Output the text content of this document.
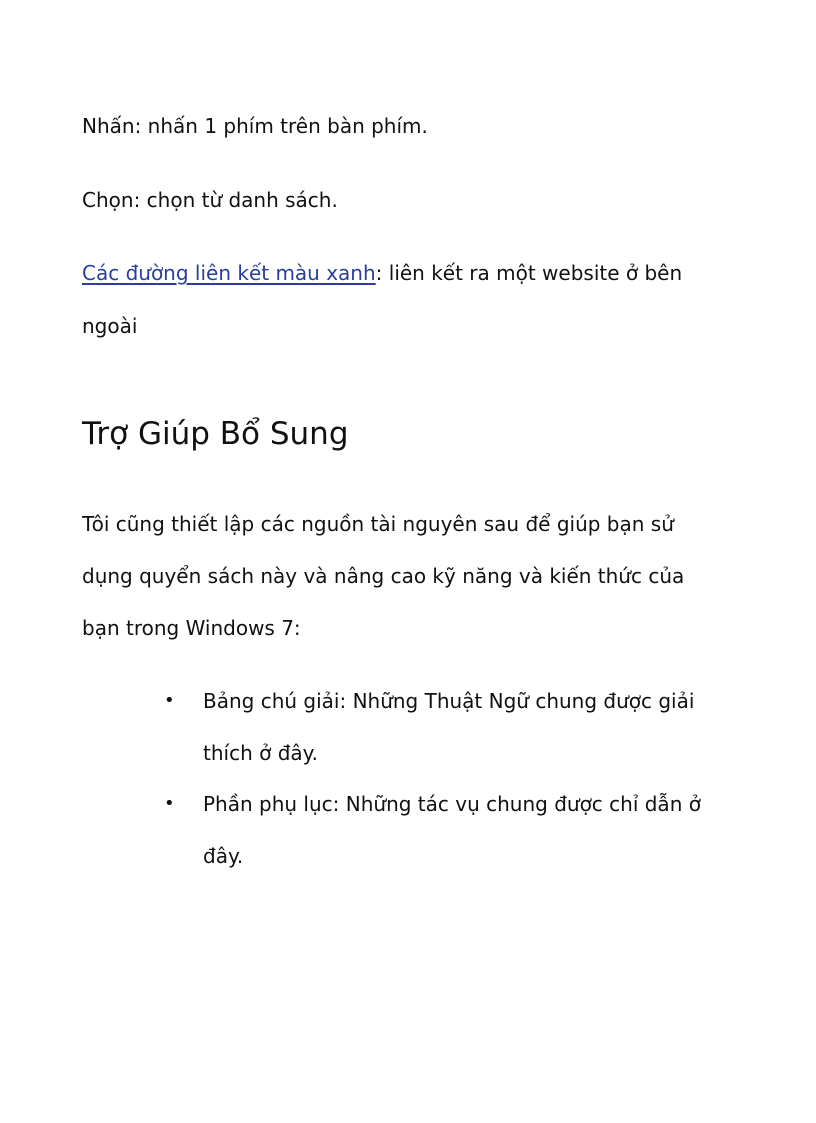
Nhấn: nhấn 1 phím trên bàn phím.
Chọn: chọn từ danh sách.
Các đường liên kết màu xanh: liên kết ra một website ở bên
ngoài
Trợ Giúp Bổ Sung
Tôi cũng thiết lập các nguồn tài nguyên sau để giúp bạn sử
dụng quyển sách này và nâng cao kỹ năng và kiến thức của
bạn trong Windows 7:
• Bảng chú giải: Những Thuật Ngữ chung được giải
thích ở đây.
• Phần phụ lục: Những tác vụ chung được chỉ dẫn ở
đây.
